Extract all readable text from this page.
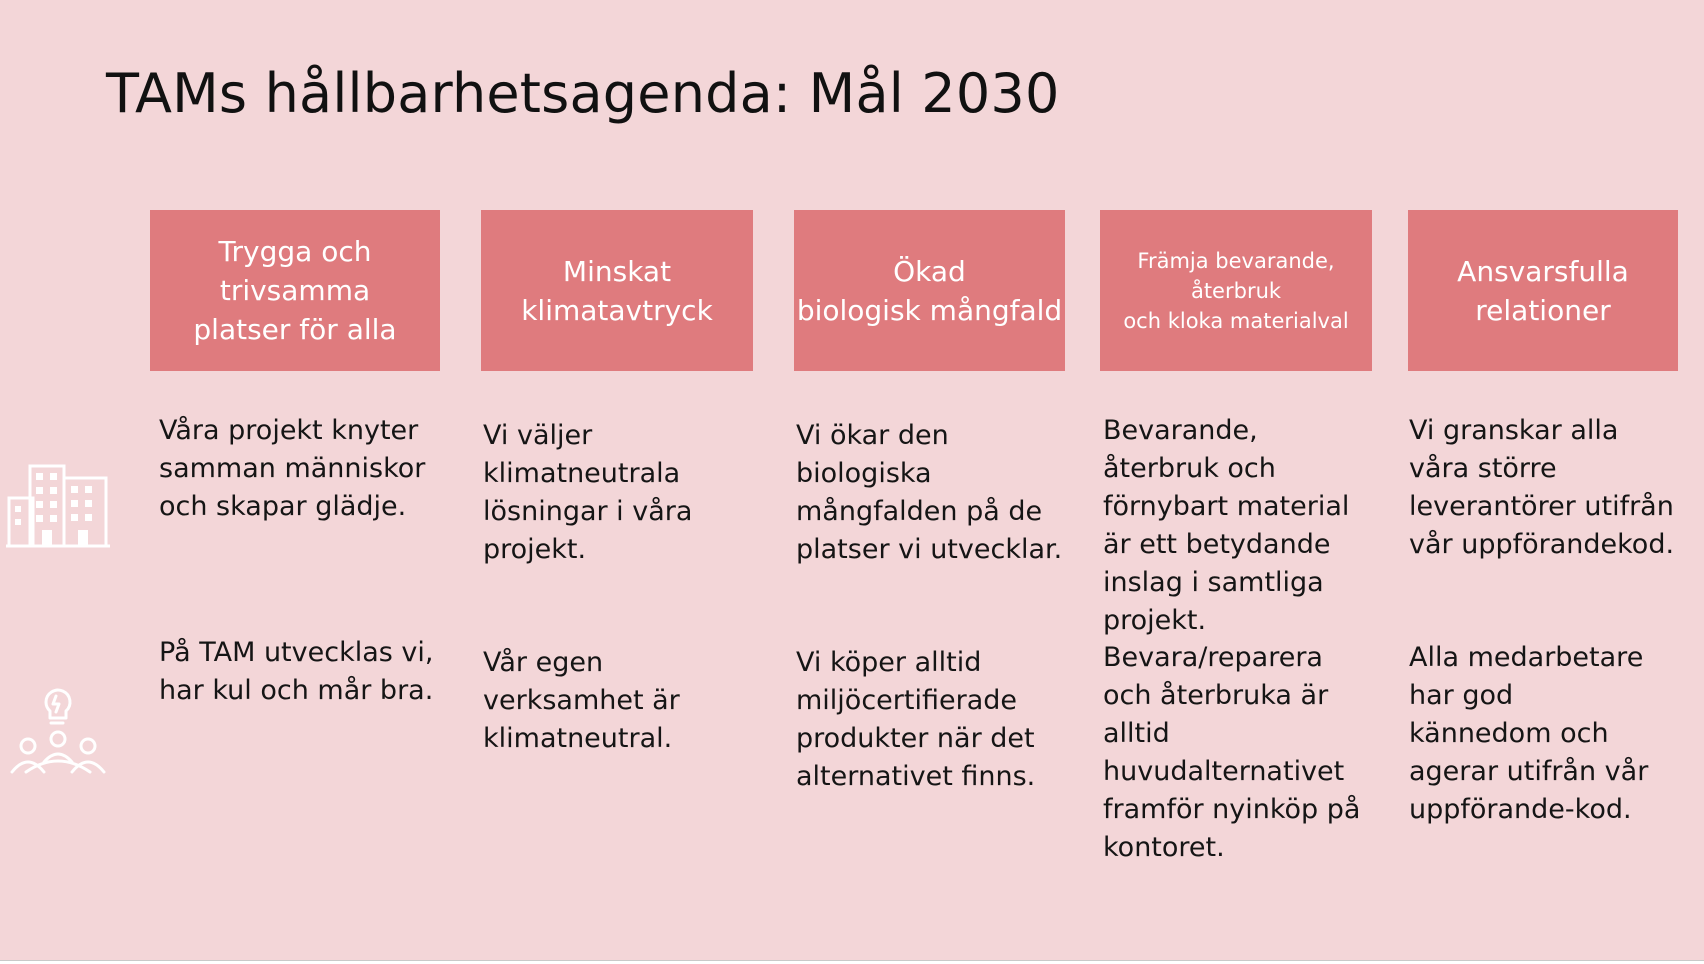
TAMs hållbarhetsagenda: Mål 2030
Trygga och trivsamma
platser för alla
Minskat
klimatavtryck
Ökad
biologisk mångfald
Främja bevarande,
återbruk
och kloka materialval
Ansvarsfulla
relationer
Våra projekt knyter samman människor och skapar glädje.
Vi väljer klimatneutrala lösningar i våra projekt.
Vi ökar den biologiska mångfalden på de platser vi utvecklar.
Bevarande, återbruk och förnybart material är ett betydande inslag i samtliga projekt.
Vi granskar alla våra större leverantörer utifrån vår uppförandekod.
På TAM utvecklas vi, har kul och mår bra.
Vår egen verksamhet är klimatneutral.
Vi köper alltid miljöcertifierade produkter när det alternativet finns.
Bevara/reparera och återbruka är alltid huvudalternativet framför nyinköp på kontoret.
Alla medarbetare har god kännedom och agerar utifrån vår uppförande-kod.
